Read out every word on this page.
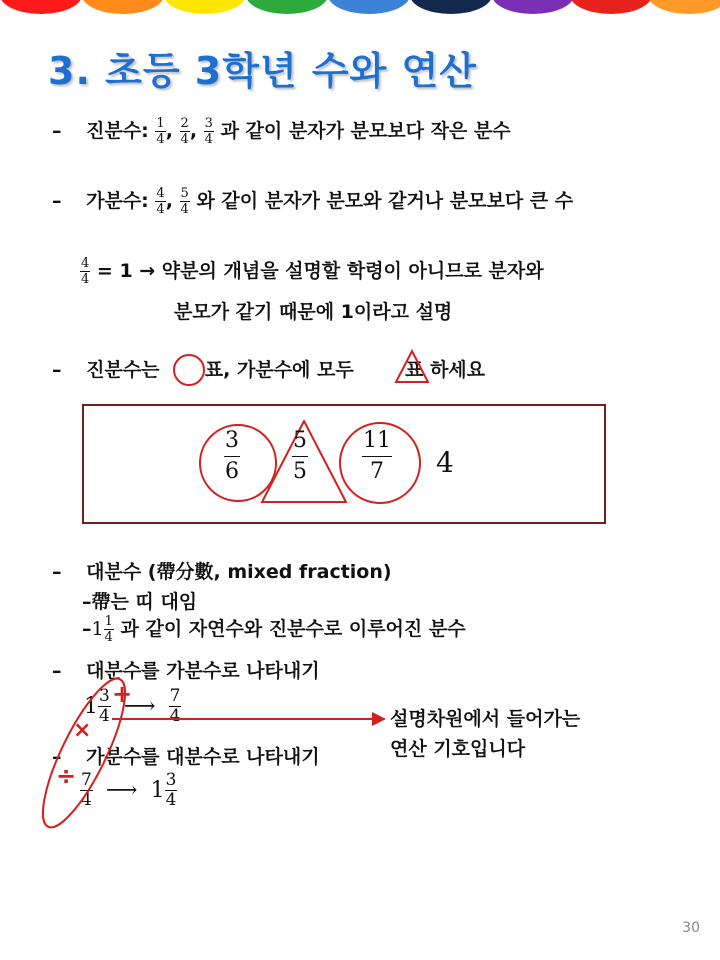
3. 초등 3학년 수와 연산
– 진분수: $\frac{1}{4}$ , $\frac{2}{4}$ , $\frac{3}{4}$ 과 같이 분자가 분모보다 작은 분수
– 가분수: $\frac{4}{4}$ , $\frac{5}{4}$ 와 같이 분자가 분모와 같거나 분모보다 큰 수
$\frac{4}{4} = 1$ → 약분의 개념을 설명할 학령이 아니므로 분자와
분모가 같기 때문에 1이라고 설명
– 진분수는 표, 가분수에 모두	표 하세요
$\frac{3}{6} \frac{5}{5} \frac{11}{7} 4$
– 대분수 (帶分數, mixed fraction)
–帶는 띠 대임
$-1 \frac{1}{4}$ 과 같이 자연수와 진분수로 이루어진 분수
– 대분수를 가분수로 나타내기
$1 \frac{3}{4}$ ⟶ $\frac{7}{4}$
– 가분수를 대분수로 나타내기
$\frac{7}{4}$ ⟶ $1 \frac{3}{4}$
+
×
÷
설명차원에서 들어가는
연산 기호입니다
30
